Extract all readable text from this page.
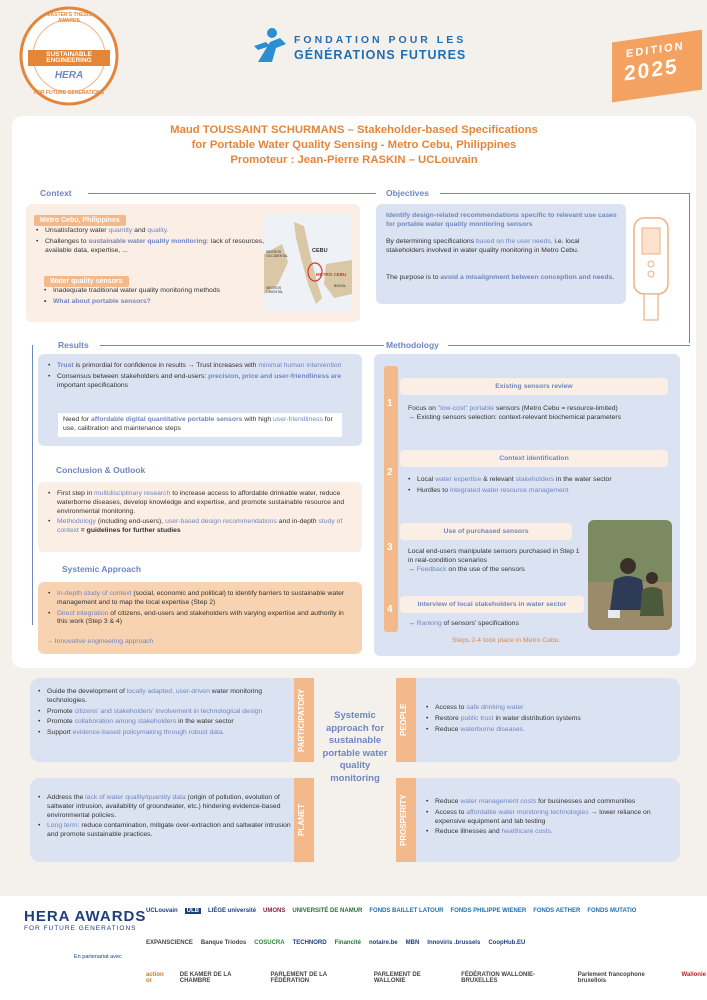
MASTER'S THESIS AWARDS
SUSTAINABLE ENGINEERING
HERA
FOR FUTURE GENERATIONS
FONDATION POUR LES
GÉNÉRATIONS FUTURES	EDITION
2025
Maud TOUSSAINT SCHURMANS – Stakeholder-based Specifications
for Portable Water Quality Sensing - Metro Cebu, Philippines
Promoteur : Jean-Pierre RASKIN – UCLouvain
Context
Metro Cebu, Philippines
• Unsatisfactory water quantity and quality.
• Challenges to sustainable water quality monitoring: lack of resources, available data, expertise, ...
Water quality sensors
• Inadequate traditional water quality monitoring methods
• What about portable sensors?
CEBU
METRO CEBU
NEGROS OCCIDENTAL
NEGROS ORIENTAL
BOHOL
Objectives
Identify design-related recommendations specific to relevant use cases for portable water quality monitoring sensors
By determining specifications based on the user needs, i.e. local stakeholders involved in water quality monitoring in Metro Cebu.
The purpose is to avoid a misalignment between conception and needs.
Results
• Trust is primordial for confidence in results → Trust increases with minimal human intervention
• Consensus between stakeholders and end-users: precision, price and user-friendliness are important specifications
Need for affordable digital quantitative portable sensors with high user-friendliness for use, calibration and maintenance steps
Conclusion & Outlook
• First step in multidisciplinary research to increase access to affordable drinkable water, reduce waterborne diseases, develop knowledge and expertise, and promote sustainable resource and environmental monitoring.
• Methodology (including end-users), user-based design recommendations and in-depth study of context = guidelines for further studies
Systemic Approach
• In-depth study of context (social, economic and political) to identify barriers to sustainable water management and to map the local expertise (Step 2)
• Direct integration of citizens, end-users and stakeholders with varying expertise and authority in this work (Step 3 & 4)
→ Innovative engineering approach
Methodology
1
Existing sensors review
Focus on "low-cost" portable sensors (Metro Cebu = resource-limited)
→ Existing sensors selection: context-relevant biochemical parameters
2
Context identification
• Local water expertise & relevant stakeholders in the water sector
• Hurdles to integrated water resource management
3
Use of purchased sensors
Local end-users manipulate sensors purchased in Step 1 in real-condition scenarios
→ Feedback on the use of the sensors
4	Interview of local stakeholders in water sector
→ Ranking of sensors' specifications
Steps 2-4 took place in Metro Cebu.
• Guide the development of locally adapted, user-driven water monitoring technologies.
• Promote citizens' and stakeholders' involvement in technological design
• Promote collaboration among stakeholders in the water sector
• Support evidence-based policymaking through robust data.	PARTICIPATORY	• Access to safe drinking water
• Restore public trust in water distribution systems
• Reduce waterborne diseases.
PEOPLE
• Address the lack of water quality/quantity data (origin of pollution, evolution of saltwater intrusion, availability of groundwater, etc.) hindering evidence-based environmental policies.
• Long term: reduce contamination, mitigate over-extraction and saltwater intrusion and promote sustainable practices.	PLANET
• Reduce water management costs for businesses and communities
• Access to affordable water monitoring technologies → lower reliance on expensive equipment and lab testing
• Reduce illnesses and healthcare costs.
PROSPERITY
Systemic approach for sustainable portable water quality monitoring
HERA AWARDS
FOR FUTURE GENERATIONS
En partenariat avec
UCLouvain	ULB	LIÈGE université UMONS UNIVERSITÉ DE NAMUR FONDS BAILLET LATOUR FONDS PHILIPPE WIENER FONDS AETHER FONDS MUTATIO
EXPANSCIENCE Banque Triodos COSUCRA TECHNORD Financité notaire.be MBN Innoviris .brussels CoopHub.EU
action or
DE KAMER DE LA CHAMBRE
PARLEMENT DE LA FÉDÉRATION
PARLEMENT DE WALLONIE
FÉDÉRATION WALLONIE-BRUXELLES
Parlement francophone bruxellois
Wallonie
